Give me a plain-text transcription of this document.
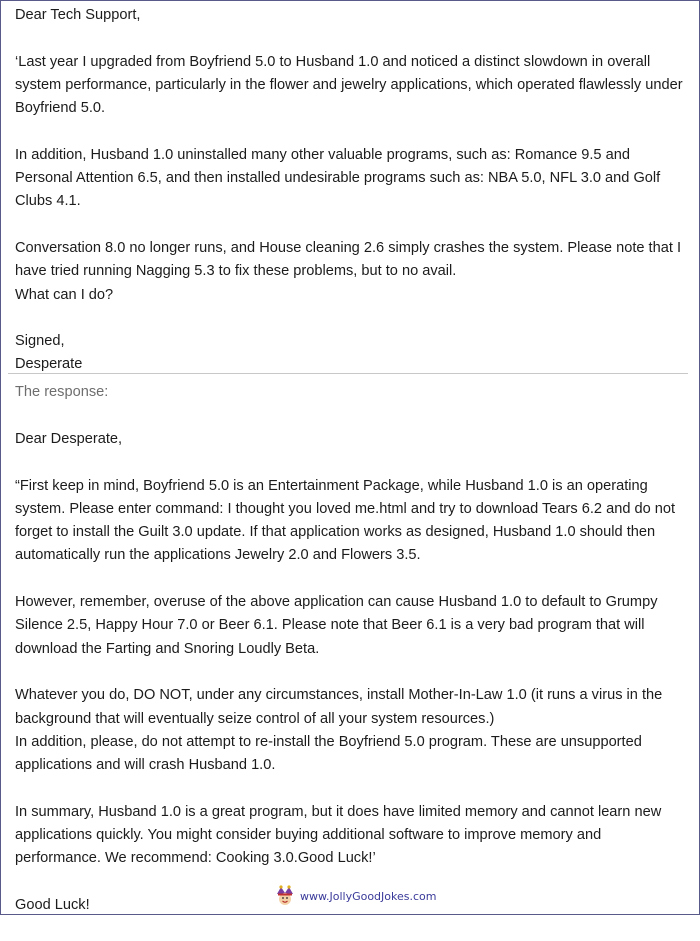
Dear Tech Support,

‘Last year I upgraded from Boyfriend 5.0 to Husband 1.0 and noticed a distinct slowdown in overall system performance, particularly in the flower and jewelry applications, which operated flawlessly under Boyfriend 5.0.

In addition, Husband 1.0 uninstalled many other valuable programs, such as: Romance 9.5 and Personal Attention 6.5, and then installed undesirable programs such as: NBA 5.0, NFL 3.0 and Golf Clubs 4.1.

Conversation 8.0 no longer runs, and House cleaning 2.6 simply crashes the system. Please note that I have tried running Nagging 5.3 to fix these problems, but to no avail.

What can I do?

Signed,

Desperate

The response:

Dear Desperate,

“First keep in mind, Boyfriend 5.0 is an Entertainment Package, while Husband 1.0 is an operating system. Please enter command: I thought you loved me.html and try to download Tears 6.2 and do not forget to install the Guilt 3.0 update. If that application works as designed, Husband 1.0 should then automatically run the applications Jewelry 2.0 and Flowers 3.5.

However, remember, overuse of the above application can cause Husband 1.0 to default to Grumpy Silence 2.5, Happy Hour 7.0 or Beer 6.1. Please note that Beer 6.1 is a very bad program that will download the Farting and Snoring Loudly Beta.

Whatever you do, DO NOT, under any circumstances, install Mother-In-Law 1.0 (it runs a virus in the background that will eventually seize control of all your system resources.)

In addition, please, do not attempt to re-install the Boyfriend 5.0 program. These are unsupported applications and will crash Husband 1.0.

In summary, Husband 1.0 is a great program, but it does have limited memory and cannot learn new applications quickly. You might consider buying additional software to improve memory and performance. We recommend: Cooking 3.0.Good Luck!’

Good Luck!

www.JollyGoodJokes.com
